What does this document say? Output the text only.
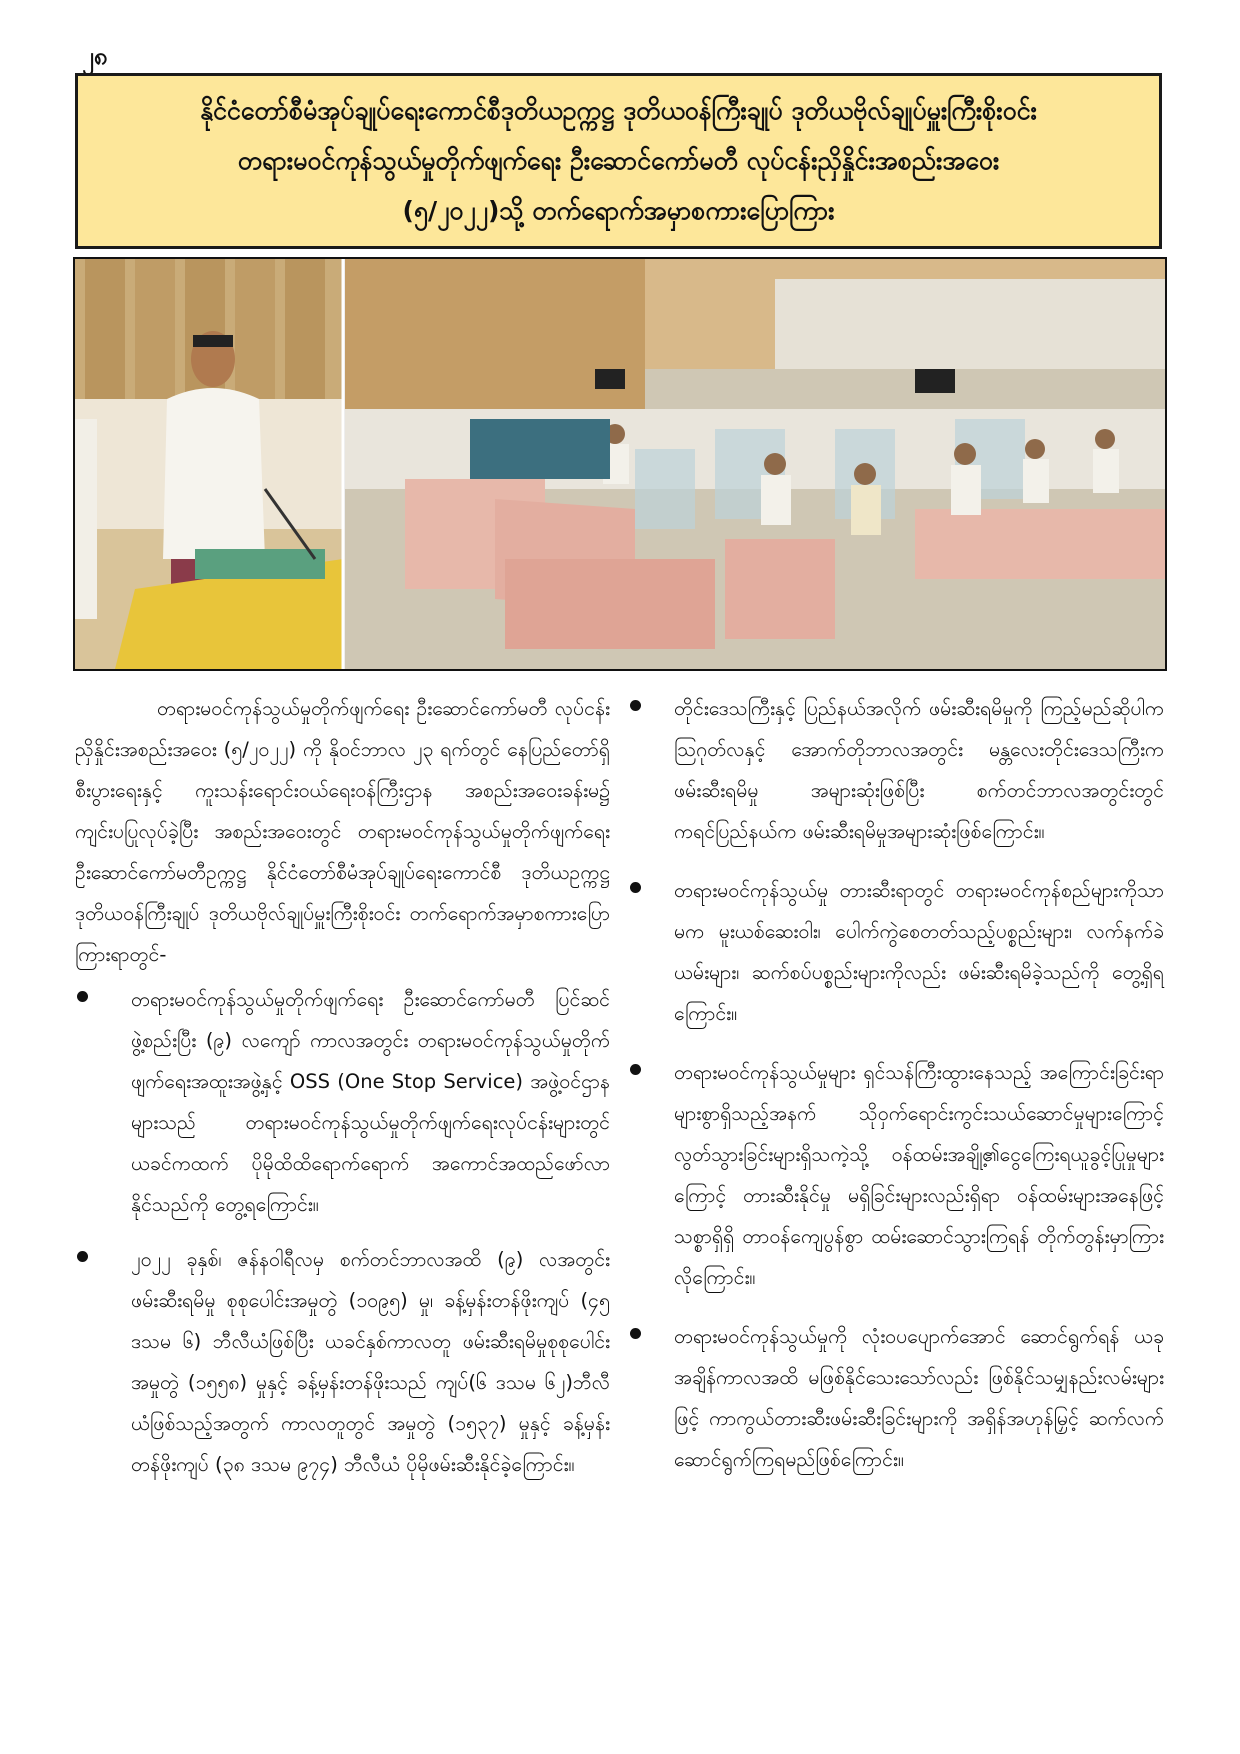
၂၈
နိုင်ငံတော်စီမံအုပ်ချုပ်ရေးကောင်စီဒုတိယဥက္ကဋ္ဌ ဒုတိယဝန်ကြီးချုပ် ဒုတိယဗိုလ်ချုပ်မှူးကြီးစိုးဝင်း
တရားမဝင်ကုန်သွယ်မှုတိုက်ဖျက်ရေး ဦးဆောင်ကော်မတီ လုပ်ငန်းညှိနှိုင်းအစည်းအဝေး
(၅/၂၀၂၂)သို့ တက်ရောက်အမှာစကားပြောကြား

တရားမဝင်ကုန်သွယ်မှုတိုက်ဖျက်ရေး ဦးဆောင်ကော်မတီ လုပ်ငန်းညှိနှိုင်းအစည်းအဝေး (၅/၂၀၂၂) ကို နိုဝင်ဘာလ ၂၃ ရက်တွင် နေပြည်တော်ရှိ စီးပွားရေးနှင့် ကူးသန်းရောင်းဝယ်ရေးဝန်ကြီးဌာန အစည်းအဝေးခန်းမ၌ ကျင်းပပြုလုပ်ခဲ့ပြီး အစည်းအဝေးတွင် တရားမဝင်ကုန်သွယ်မှုတိုက်ဖျက်ရေး ဦးဆောင်ကော်မတီဥက္ကဋ္ဌ နိုင်ငံတော်စီမံအုပ်ချုပ်ရေးကောင်စီ ဒုတိယဥက္ကဋ္ဌ ဒုတိယဝန်ကြီးချုပ် ဒုတိယဗိုလ်ချုပ်မှူးကြီးစိုးဝင်း တက်ရောက်အမှာစကားပြောကြားရာတွင်-

တရားမဝင်ကုန်သွယ်မှုတိုက်ဖျက်ရေး ဦးဆောင်ကော်မတီ ပြင်ဆင်ဖွဲ့စည်းပြီး (၉) လကျော် ကာလအတွင်း တရားမဝင်ကုန်သွယ်မှုတိုက်ဖျက်ရေးအထူးအဖွဲ့နှင့် OSS (One Stop Service) အဖွဲ့ဝင်ဌာနများသည် တရားမဝင်ကုန်သွယ်မှုတိုက်ဖျက်ရေးလုပ်ငန်းများတွင် ယခင်ကထက် ပိုမိုထိထိရောက်ရောက် အကောင်အထည်ဖော်လာနိုင်သည်ကို တွေ့ရကြောင်း။
၂၀၂၂ ခုနှစ်၊ ဇန်နဝါရီလမှ စက်တင်ဘာလအထိ (၉) လအတွင်း ဖမ်းဆီးရမိမှု စုစုပေါင်းအမှုတွဲ (၁၀၉၅) မှု၊ ခန့်မှန်းတန်ဖိုးကျပ် (၄၅ ဒသမ ၆) ဘီလီယံဖြစ်ပြီး ယခင်နှစ်ကာလတူ ဖမ်းဆီးရမိမှုစုစုပေါင်းအမှုတွဲ (၁၅၅၈) မှုနှင့် ခန့်မှန်းတန်ဖိုးသည် ကျပ်(၆ ဒသမ ၆၂)ဘီလီယံဖြစ်သည့်အတွက် ကာလတူတွင် အမှုတွဲ (၁၅၃၇) မှုနှင့် ခန့်မှန်းတန်ဖိုးကျပ် (၃၈ ဒသမ ၉၇၄) ဘီလီယံ ပိုမိုဖမ်းဆီးနိုင်ခဲ့ကြောင်း။
တိုင်းဒေသကြီးနှင့် ပြည်နယ်အလိုက် ဖမ်းဆီးရမိမှုကို ကြည့်မည်ဆိုပါက ဩဂုတ်လနှင့် အောက်တိုဘာလအတွင်း မန္တလေးတိုင်းဒေသကြီးက ဖမ်းဆီးရမိမှု အများဆုံးဖြစ်ပြီး စက်တင်ဘာလအတွင်းတွင် ကရင်ပြည်နယ်က ဖမ်းဆီးရမိမှုအများဆုံးဖြစ်ကြောင်း။
တရားမဝင်ကုန်သွယ်မှု တားဆီးရာတွင် တရားမဝင်ကုန်စည်များကိုသာမက မူးယစ်ဆေးဝါး၊ ပေါက်ကွဲစေတတ်သည့်ပစ္စည်းများ၊ လက်နက်ခဲယမ်းများ၊ ဆက်စပ်ပစ္စည်းများကိုလည်း ဖမ်းဆီးရမိခဲ့သည်ကို တွေ့ရှိရကြောင်း။
တရားမဝင်ကုန်သွယ်မှုများ ရှင်သန်ကြီးထွားနေသည့် အကြောင်းခြင်းရာများစွာရှိသည့်အနက် သိုဝှက်ရောင်းကွင်းသယ်ဆောင်မှုများကြောင့် လွတ်သွားခြင်းများရှိသကဲ့သို့ ဝန်ထမ်းအချို့၏ငွေကြေးရယူခွင့်ပြုမှုများကြောင့် တားဆီးနိုင်မှု မရှိခြင်းများလည်းရှိရာ ဝန်ထမ်းများအနေဖြင့် သစ္စာရှိရှိ တာဝန်ကျေပွန်စွာ ထမ်းဆောင်သွားကြရန် တိုက်တွန်းမှာကြားလိုကြောင်း။
တရားမဝင်ကုန်သွယ်မှုကို လုံးဝပပျောက်အောင် ဆောင်ရွက်ရန် ယခုအချိန်ကာလအထိ မဖြစ်နိုင်သေးသော်လည်း ဖြစ်နိုင်သမျှနည်းလမ်းများဖြင့် ကာကွယ်တားဆီးဖမ်းဆီးခြင်းများကို အရှိန်အဟုန်မြှင့် ဆက်လက်ဆောင်ရွက်ကြရမည်ဖြစ်ကြောင်း။
